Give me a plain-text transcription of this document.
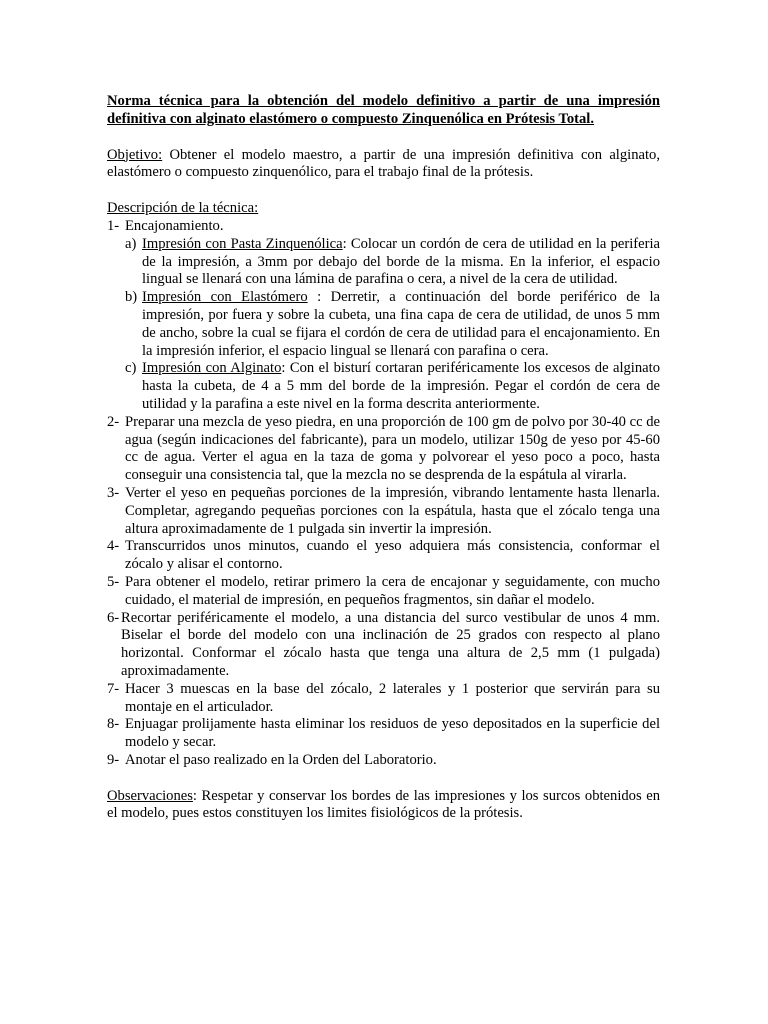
Norma técnica para la obtención del modelo definitivo a partir de una impresión definitiva con alginato elastómero o compuesto Zinquenólica en Prótesis Total.

Objetivo: Obtener el modelo maestro, a partir de una impresión definitiva con alginato, elastómero o compuesto zinquenólico, para el trabajo final de la prótesis.

Descripción de la técnica:

1- Encajonamiento.
a) Impresión con Pasta Zinquenólica: Colocar un cordón de cera de utilidad en la periferia de la impresión, a 3mm por debajo del borde de la misma. En la inferior, el espacio lingual se llenará con una lámina de parafina o cera, a nivel de la cera de utilidad.
b) Impresión con Elastómero : Derretir, a continuación del borde periférico de la impresión, por fuera y sobre la cubeta, una fina capa de cera de utilidad, de unos 5 mm de ancho, sobre la cual se fijara el cordón de cera de utilidad para el encajonamiento. En la impresión inferior, el espacio lingual se llenará con parafina o cera.
c) Impresión con Alginato: Con el bisturí cortaran periféricamente los excesos de alginato hasta la cubeta, de 4 a 5 mm del borde de la impresión. Pegar el cordón de cera de utilidad y la parafina a este nivel en la forma descrita anteriormente.
2- Preparar una mezcla de yeso piedra, en una proporción de 100 gm de polvo por 30-40 cc de agua (según indicaciones del fabricante), para un modelo, utilizar 150g de yeso por 45-60 cc de agua. Verter el agua en la taza de goma y polvorear el yeso poco a poco, hasta conseguir una consistencia tal, que la mezcla no se desprenda de la espátula al virarla.
3- Verter el yeso en pequeñas porciones de la impresión, vibrando lentamente hasta llenarla. Completar, agregando pequeñas porciones con la espátula, hasta que el zócalo tenga una altura aproximadamente de 1 pulgada sin invertir la impresión.
4- Transcurridos unos minutos, cuando el yeso adquiera más consistencia, conformar el zócalo y alisar el contorno.
5- Para obtener el modelo, retirar primero la cera de encajonar y seguidamente, con mucho cuidado, el material de impresión, en pequeños fragmentos, sin dañar el modelo.
6- Recortar periféricamente el modelo, a una distancia del surco vestibular de unos 4 mm. Biselar el borde del modelo con una inclinación de 25 grados con respecto al plano horizontal. Conformar el zócalo hasta que tenga una altura de 2,5 mm (1 pulgada) aproximadamente.
7- Hacer 3 muescas en la base del zócalo, 2 laterales y 1 posterior que servirán para su montaje en el articulador.
8- Enjuagar prolijamente hasta eliminar los residuos de yeso depositados en la superficie del modelo y secar.
9- Anotar el paso realizado en la Orden del Laboratorio.

Observaciones: Respetar y conservar los bordes de las impresiones y los surcos obtenidos en el modelo, pues estos constituyen los limites fisiológicos de la prótesis.
